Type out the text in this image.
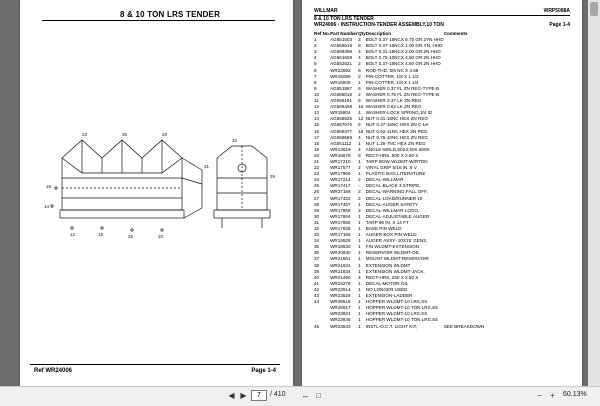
8 & 10 TON LRS TENDER
15
14
12	18	25	20
23	26	28
31
32
39
Ref WR24006	Page 1-4
WILLMAR	WRP5088A
8 & 10 TON LRS TENDER
WR24006 - INSTRUCTION-TENDER ASSEMBLY,10 TON	Page 1-4
Ref No.	Part Number	Qty	Description	Comments
1	AG551503	2	BOLT 0.37-16NCX 6.75 GR.2YN HHD	
2	AG558619	8	BOLT 0.37-16NCX 1.00 GR.YN, HHD	
3	AG568399	4	BOLT 0.31-18NCX 2.00 GR.2N HHD	
4	AG561608	4	BOLT 0.75-10NCX 4.50 GR.2N HHD	
5	AG552821	2	BOLT 0.37-16NCX 4.50 GR.2N HHD	
6	WR23092	8	ROD-THD, 5/8 NC X 4.56	
7	WR15089	2	PIN-COTTER, 1/8 X 1 1/2	
8	WR15949	1	PIN-COTTER, 1/8 X 1 1/4	
9	AG551867	6	WASHER 0.37 FL ZN REG-TYPE-B	
10	AG558016	2	WASHER 0.75 FL ZN REG-TYPE-B	
11	AG558191	6	WASHER 0.37 LK ZN REG	
12	AG568408	16	WASHER 0.62 LK ZN REG	
13	WR15804	4	WASHER-LOCK SPRING,3/4 ID	
14	AG558625	12	NUT 0.31-18NC HEX ZN REG	
15	AG557676	6	NUT 0.37-16NC HEX ZN C-LK	
16	AG558477	16	NUT 0.62-11NC HEX ZN REG	
17	AG558669	4	NUT 0.75-10NC HEX ZN REG	
18	AG551112	1	NUT 1.25-7NC HEX ZN REG	
19	WR13619	4	ANGLE-WELD,50X2,50X.500X	
20	WR16679	8	RECT-HRS,.500 X 2.50 X	
21	WR17210	1	TARP BOW WLDMT-W/RTDN	
22	WR17577	2	VINYL GRIP 5/16 IN. 8 V	
23	WR17965	1	PLASTIC BAG,LITERATURE	
24	WR17214	2	DECAL-WILLMAR	
25	WR17417	-	DECAL-BLACK 3 STRIPE,	
26	WR37169	2	DECAL-WARNING,FALL OFF,	
27	WR17422	2	DECAL-LOAD/RUNNER 10	
28	WR17457	1	DECAL-AUGER SAFETY	
29	WR17859	2	DECAL-WILLMAR LOGO,	
30	WR17864	1	DECAL-ADJUSTABLE AUGER	
31	WR17865	1	TARP 96 IN. X 14 FT	
32	WR17836	1	BASE PIN WELD	
33	WR17165	1	AUGER BOX PIN WELD	
34	WR19528	1	AUGER ASSY- 10X15' GEN3,	
35	WR19530	1	FIN WLDMT-EXTENSION	
36	WR20830	1	RESERVOIR WLDMT-OIL	
37	WR21861	1	MOUNT WLDMT-RESERVOIR	
38	WR21831	1	EXTENSION WLDMT	
39	WR21834	1	EXTENSION WLDMT-JACK,	
40	WR21490	4	RECT-HRS,.250 X 2.50 X	
41	WR23276	1	DECAL-MOTOR OIL	
42	WR23614	1	NO LONGER USED	
43	WR23529	1	EXTENSION-LADDER	
44	WR28618	1	HOPPER WLDMT-10 LRS,SS	
	WR28617	1	HOPPER WLDMT-10 TON LRS,SS	
	WR23831	1	HOPPER WLDMT-10 LRS,SS	
	WR23845	1	HOPPER WLDMT-10 TON LRS,SS	
45	WR23843	1	INSTL-O.C.T. LIGHT KIT,	SEE BREAKDOWN
◀ ▶
7	/ 410 ↔ □	−	+	60.13%
